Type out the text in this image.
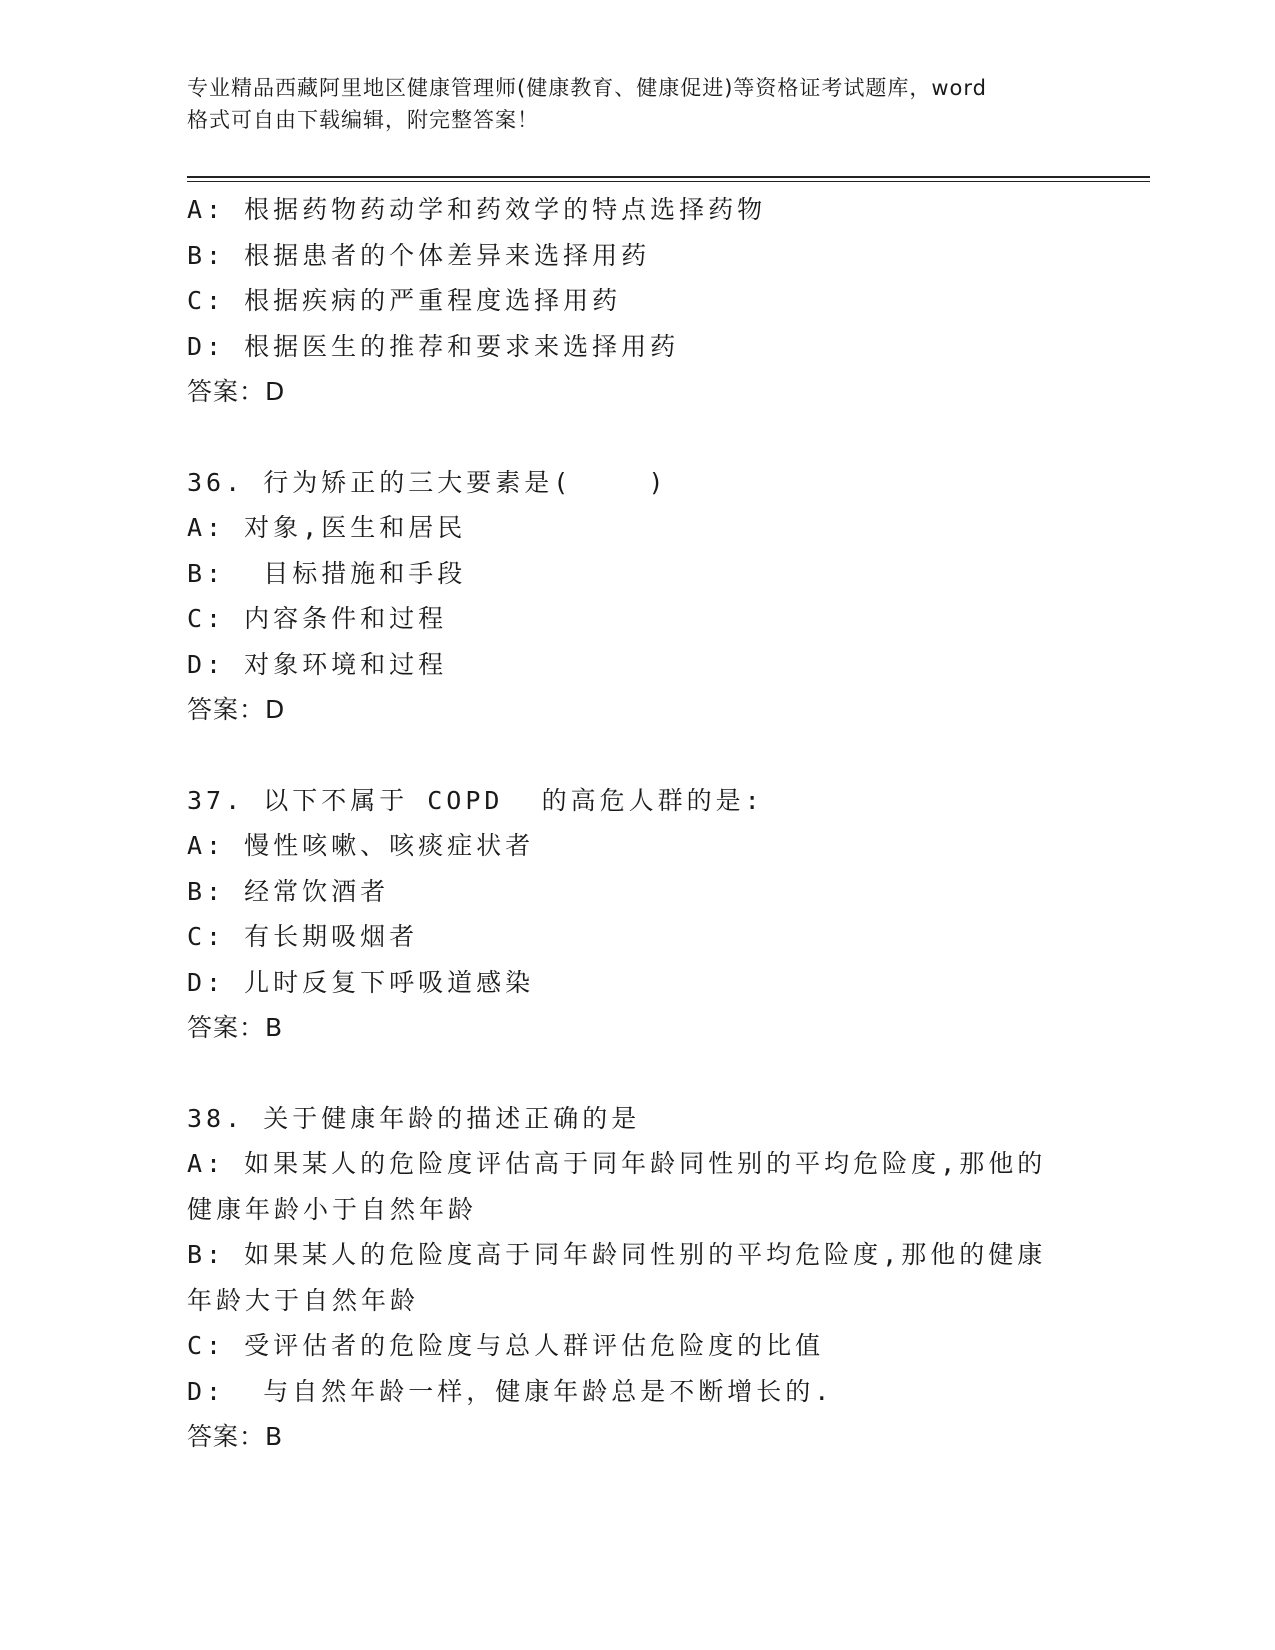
专业精品西藏阿里地区健康管理师(健康教育、健康促进)等资格证考试题库，word
格式可自由下载编辑，附完整答案！
A: 根据药物药动学和药效学的特点选择药物
B: 根据患者的个体差异来选择用药
C: 根据疾病的严重程度选择用药
D: 根据医生的推荐和要求来选择用药
答案：D
36. 行为矫正的三大要素是(    )
A: 对象,医生和居民
B:  目标措施和手段
C: 内容条件和过程
D: 对象环境和过程
答案：D
37. 以下不属于 COPD  的高危人群的是:
A: 慢性咳嗽、咳痰症状者
B: 经常饮酒者
C: 有长期吸烟者
D: 儿时反复下呼吸道感染
答案：B
38. 关于健康年龄的描述正确的是
A: 如果某人的危险度评估高于同年龄同性别的平均危险度,那他的健康年龄小于自然年龄
B: 如果某人的危险度高于同年龄同性别的平均危险度,那他的健康年龄大于自然年龄
C: 受评估者的危险度与总人群评估危险度的比值
D:  与自然年龄一样，健康年龄总是不断增长的.
答案：B
